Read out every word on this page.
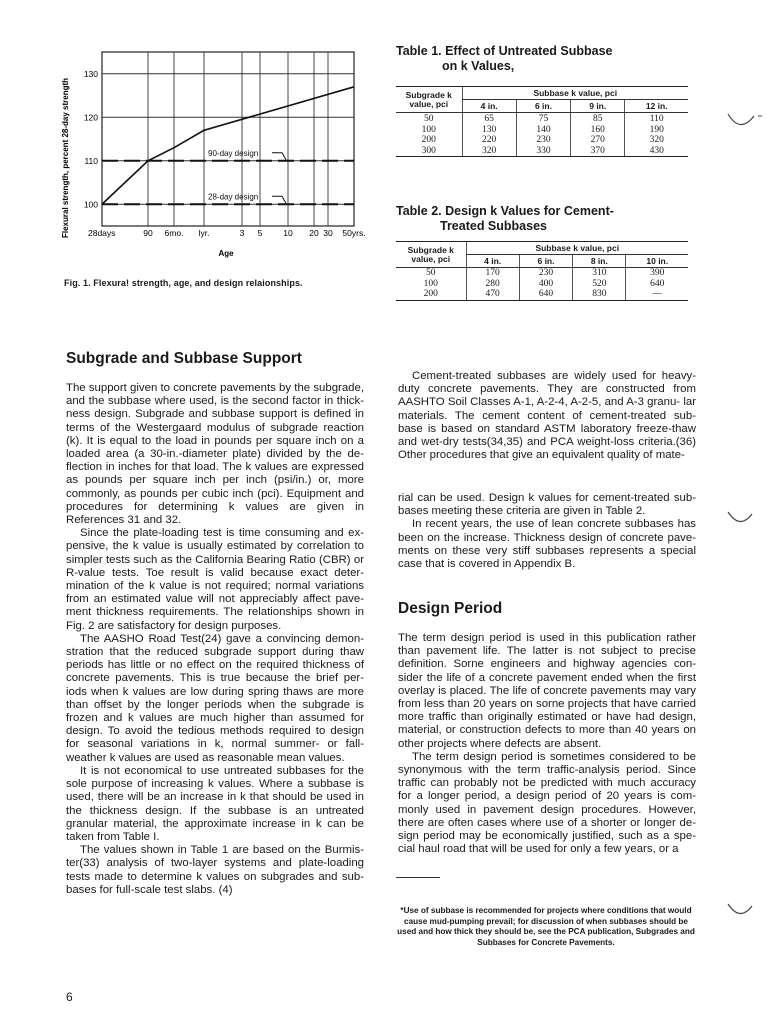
Flexural strength, percent 28-day strength
130
120
110
100
28days	90 6mo. lyr.	3 5 10 20 30 50yrs.
Age
90-day design
28-day design
Fig. 1. Flexura! strength, age, and design relaionships.
Table 1. Effect of Untreated Subbase
on k Values,
Subgrade k value, pci	Subbase k value, pci			
	4 in.	6 in.	9 in.	12 in.
50	65	75	85	110
100	130	140	160	190
200	220	230	270	320
300	320	330	370	430
Table 2. Design k Values for Cement-
Treated Subbases
Subgrade k value, pci	Subbase k value, pci			
	4 in.	6 in.	8 in.	10 in.
50	170	230	310	390
100	280	400	520	640
200	470	640	830	—
Subgrade and Subbase Support

The support given to concrete pavements by the subgrade, and the subbase where used, is the second factor in thick- ness design. Subgrade and subbase support is defined in terms of the Westergaard modulus of subgrade reaction (k). It is equal to the load in pounds per square inch on a loaded area (a 30-in.-diameter plate) divided by the de- flection in inches for that load. The k values are expressed as pounds per square inch per inch (psi/in.) or, more commonly, as pounds per cubic inch (pci). Equipment and procedures for determining k values are given in References 31 and 32.

Since the plate-loading test is time consuming and ex- pensive, the k value is usually estimated by correlation to simpler tests such as the California Bearing Ratio (CBR) or R-value tests. Toe result is valid because exact deter- mination of the k value is not required; normal variations from an estimated value will not appreciably affect pave- ment thickness requirements. The relationships shown in Fig. 2 are satisfactory for design purposes.

The AASHO Road Test(24) gave a convincing demon- stration that the reduced subgrade support during thaw periods has little or no effect on the required thickness of concrete pavements. This is true because the brief per- iods when k values are low during spring thaws are more than offset by the longer periods when the subgrade is frozen and k values are much higher than assumed for design. To avoid the tedious methods required to design for seasonal variations in k, normal summer- or fall- weather k values are used as reasonable mean values.

It is not economical to use untreated subbases for the sole purpose of increasing k values. Where a subbase is used, there will be an increase in k that should be used in the thickness design. If the subbase is an untreated granular material, the approximate increase in k can be taken from Table I.

The values shown in Table 1 are based on the Burmis- ter(33) analysis of two-layer systems and plate-loading tests made to determine k values on subgrades and sub- bases for full-scale test slabs. (4)

Cement-treated subbases are widely used for heavy- duty concrete pavements. They are constructed from AASHTO Soil Classes A-1, A-2-4, A-2-5, and A-3 granu- lar materials. The cement content of cement-treated sub- base is based on standard ASTM laboratory freeze-thaw and wet-dry tests(34,35) and PCA weight-loss criteria.(36) Other procedures that give an equivalent quality of mate-

rial can be used. Design k values for cement-treated sub- bases meeting these criteria are given in Table 2.

In recent years, the use of lean concrete subbases has been on the increase. Thickness design of concrete pave- ments on these very stiff subbases represents a special case that is covered in Appendix B.

Design Period

The term design period is used in this publication rather than pavement life. The latter is not subject to precise definition. Sorne engineers and highway agencies con- sider the life of a concrete pavement ended when the first overlay is placed. The life of concrete pavements may vary from less than 20 years on sorne projects that have carried more traffic than originally estimated or have had design, material, or construction defects to more than 40 years on other projects where defects are absent.

The term design period is sometimes considered to be synonymous with the term traffic-analysis period. Since traffic can probably not be predicted with much accuracy for a longer period, a design period of 20 years is com- monly used in pavement design procedures. However, there are often cases where use of a shorter or longer de- sign period may be economically justified, such as a spe- cial haul road that will be used for only a few years, or a

*Use of subbase is recommended for projects where conditions that would cause mud-pumping prevail; for discussion of when subbases should be used and how thick they should be, see the PCA publication, Subgrades and Subbases for Concrete Pavements.
6
